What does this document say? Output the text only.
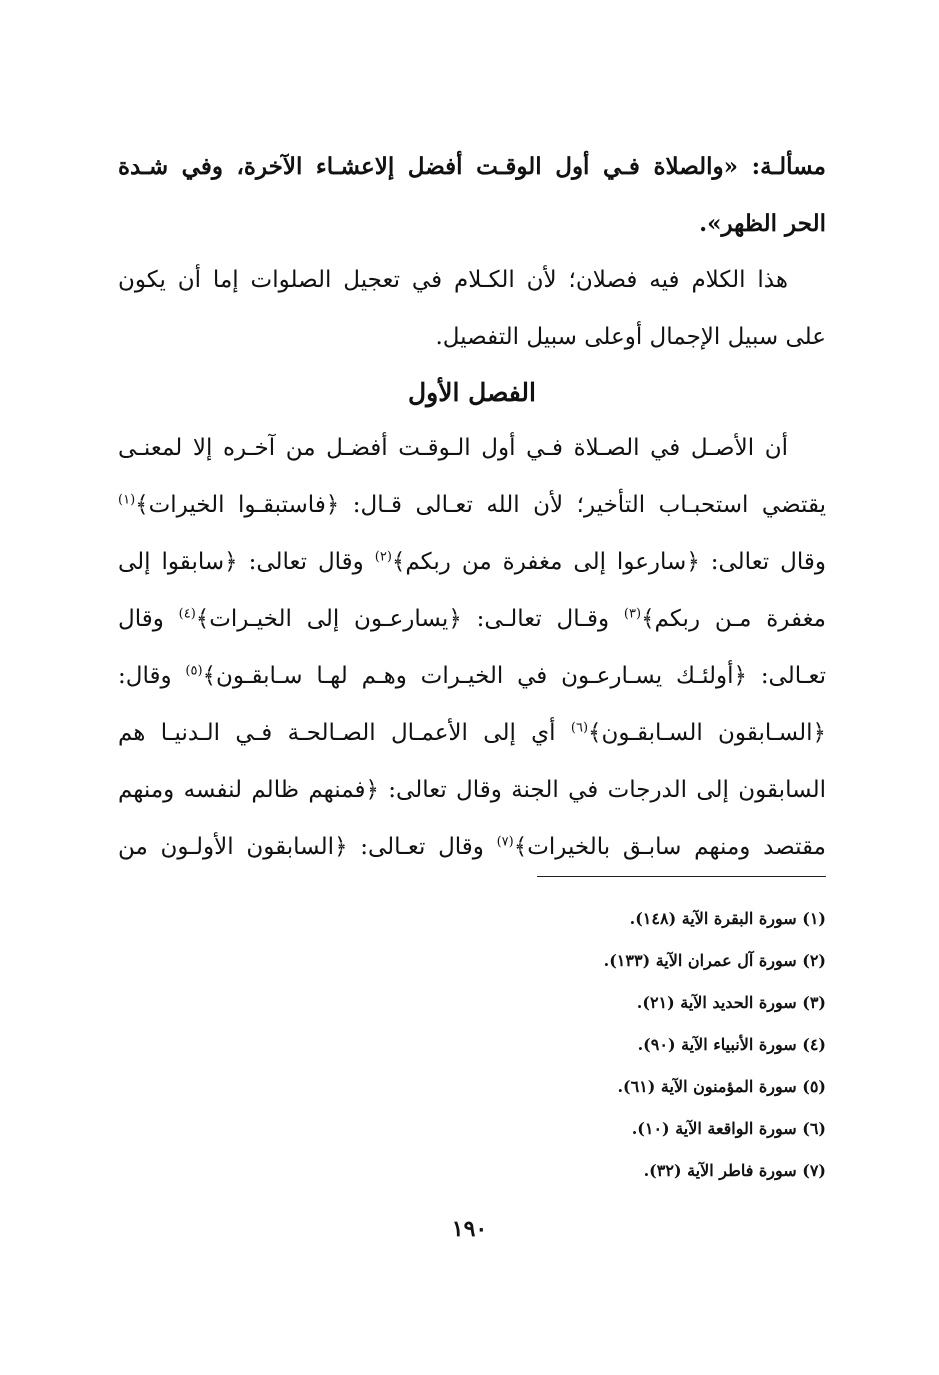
مسألـة: «والصلاة فـي أول الوقـت أفضل إلاعشـاء الآخرة، وفي شـدة
الحر الظهر».
هذا الكلام فيه فصلان؛ لأن الكـلام في تعجيل الصلوات إما أن يكون
على سبيل الإجمال أوعلى سبيل التفصيل.
الفصل الأول
أن الأصـل في الصـلاة فـي أول الـوقـت أفضـل من آخـره إلا لمعنـى
يقتضي استحبـاب التأخير؛ لأن الله تعـالى قـال: ﴿فاستبقـوا الخيرات﴾$^{(١)}$
وقال تعالى: ﴿سارعوا إلى مغفرة من ربكم﴾$^{(٢)}$ وقال تعالى: ﴿سابقوا إلى
مغفرة مـن ربكم﴾$^{(٣)}$ وقـال تعالـى: ﴿يسارعـون إلى الخيـرات﴾$^{(٤)}$ وقال
تعـالى: ﴿أولئـك يسـارعـون في الخيـرات وهـم لهـا سـابقـون﴾$^{(٥)}$ وقال:
﴿السـابقون السـابقـون﴾$^{(٦)}$ أي إلى الأعمـال الصـالحـة فـي الـدنيـا هم
السابقون إلى الدرجات في الجنة وقال تعالى: ﴿فمنهم ظالم لنفسه ومنهم
مقتصد ومنهم سابـق بالخيرات﴾$^{(٧)}$ وقال تعـالى: ﴿السابقون الأولـون من
(١) سورة البقرة الآية (١٤٨).
(٢) سورة آل عمران الآية (١٣٣).
(٣) سورة الحديد الآية (٢١).
(٤) سورة الأنبياء الآية (٩٠).
(٥) سورة المؤمنون الآية (٦١).
(٦) سورة الواقعة الآية (١٠).
(٧) سورة فاطر الآية (٣٢).
١٩٠
